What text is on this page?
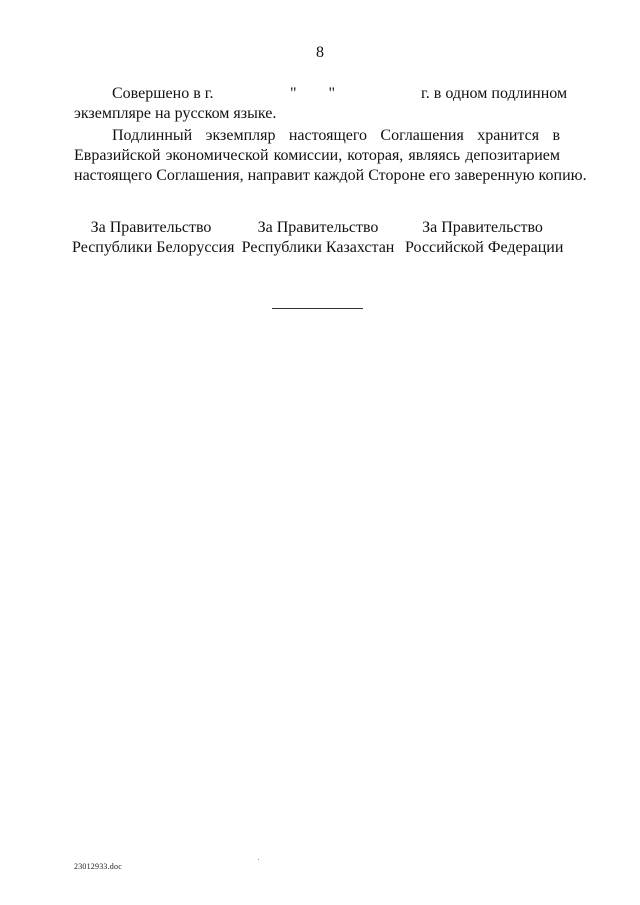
8
Совершено в г.	"        "	г. в одном подлинном
экземпляре на русском языке.
Подлинный экземпляр настоящего Соглашения хранится в
Евразийской экономической комиссии, которая, являясь депозитарием
настоящего Соглашения, направит каждой Стороне его заверенную копию.
За Правительство
Республики Белоруссия
За Правительство
Республики Казахстан
За Правительство
Российской Федерации
23012933.doc
